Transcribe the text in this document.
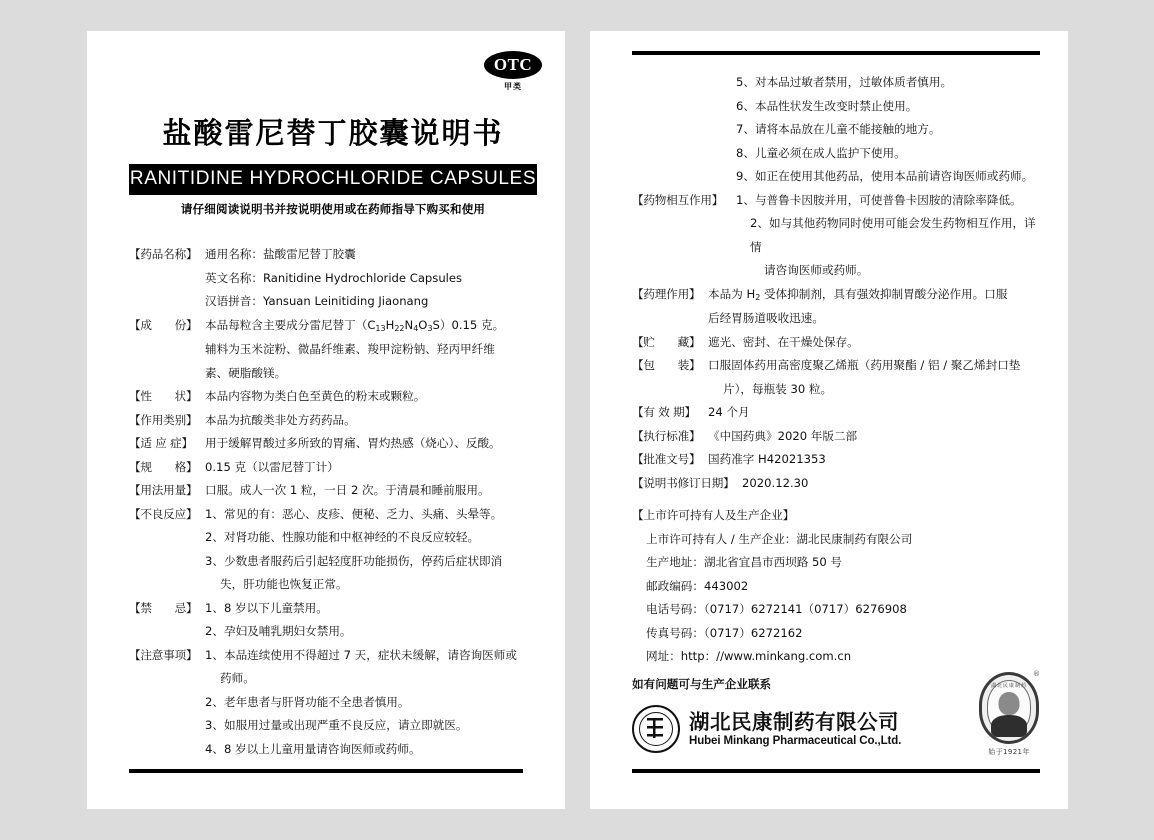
OTC
甲类
盐酸雷尼替丁胶囊说明书
RANITIDINE HYDROCHLORIDE CAPSULES
请仔细阅读说明书并按说明使用或在药师指导下购买和使用
【药品名称】 通用名称：盐酸雷尼替丁胶囊
英文名称：Ranitidine Hydrochloride Capsules
汉语拼音：Yansuan Leinitiding Jiaonang
【成　　份】 本品每粒含主要成分雷尼替丁$(C_{13}H_{22}N_4O_3S)0.15$ 克。
辅料为玉米淀粉、微晶纤维素、羧甲淀粉钠、羟丙甲纤维
素、硬脂酸镁。
【性　　状】 本品内容物为类白色至黄色的粉末或颗粒。
【作用类别】 本品为抗酸类非处方药药品。
【适 应 症】	用于缓解胃酸过多所致的胃痛、胃灼热感（烧心）、反酸。
【规　　格】 0.15 克（以雷尼替丁计）
【用法用量】 口服。成人一次 1 粒，一日 2 次。于清晨和睡前服用。
【不良反应】 1、常见的有：恶心、皮疹、便秘、乏力、头痛、头晕等。
2、对肾功能、性腺功能和中枢神经的不良反应较轻。
3、少数患者服药后引起轻度肝功能损伤，停药后症状即消
失，肝功能也恢复正常。
【禁　　忌】 1、8 岁以下儿童禁用。
2、孕妇及哺乳期妇女禁用。
【注意事项】 1、本品连续使用不得超过 7 天，症状未缓解，请咨询医师或
药师。
2、老年患者与肝肾功能不全患者慎用。
3、如服用过量或出现严重不良反应，请立即就医。
4、8 岁以上儿童用量请咨询医师或药师。
5、对本品过敏者禁用，过敏体质者慎用。
6、本品性状发生改变时禁止使用。
7、请将本品放在儿童不能接触的地方。
8、儿童必须在成人监护下使用。
9、如正在使用其他药品，使用本品前请咨询医师或药师。
【药物相互作用】	1、与普鲁卡因胺并用，可使普鲁卡因胺的清除率降低。
2、如与其他药物同时使用可能会发生药物相互作用，详情
请咨询医师或药师。
【药理作用】 本品为 $H_2$ 受体抑制剂，具有强效抑制胃酸分泌作用。口服
后经胃肠道吸收迅速。
【贮　　藏】 遮光、密封、在干燥处保存。
【包　　装】 口服固体药用高密度聚乙烯瓶（药用聚酯 / 铝 / 聚乙烯封口垫
片），每瓶装 30 粒。
【有 效 期】	24 个月
【执行标准】 《中国药典》2020 年版二部
【批准文号】 国药准字 H42021353
【说明书修订日期】 2020.12.30
【上市许可持有人及生产企业】
上市许可持有人 / 生产企业：湖北民康制药有限公司
生产地址：湖北省宜昌市西坝路 50 号
邮政编码：443002
电话号码：（0717）6272141（0717）6276908
传真号码：（0717）6272162
网址：http：//www.minkang.com.cn
如有问题可与生产企业联系
湖北民康制药有限公司
Hubei Minkang Pharmaceutical Co.,Ltd.
湖北民康制药
始于1921年
®
